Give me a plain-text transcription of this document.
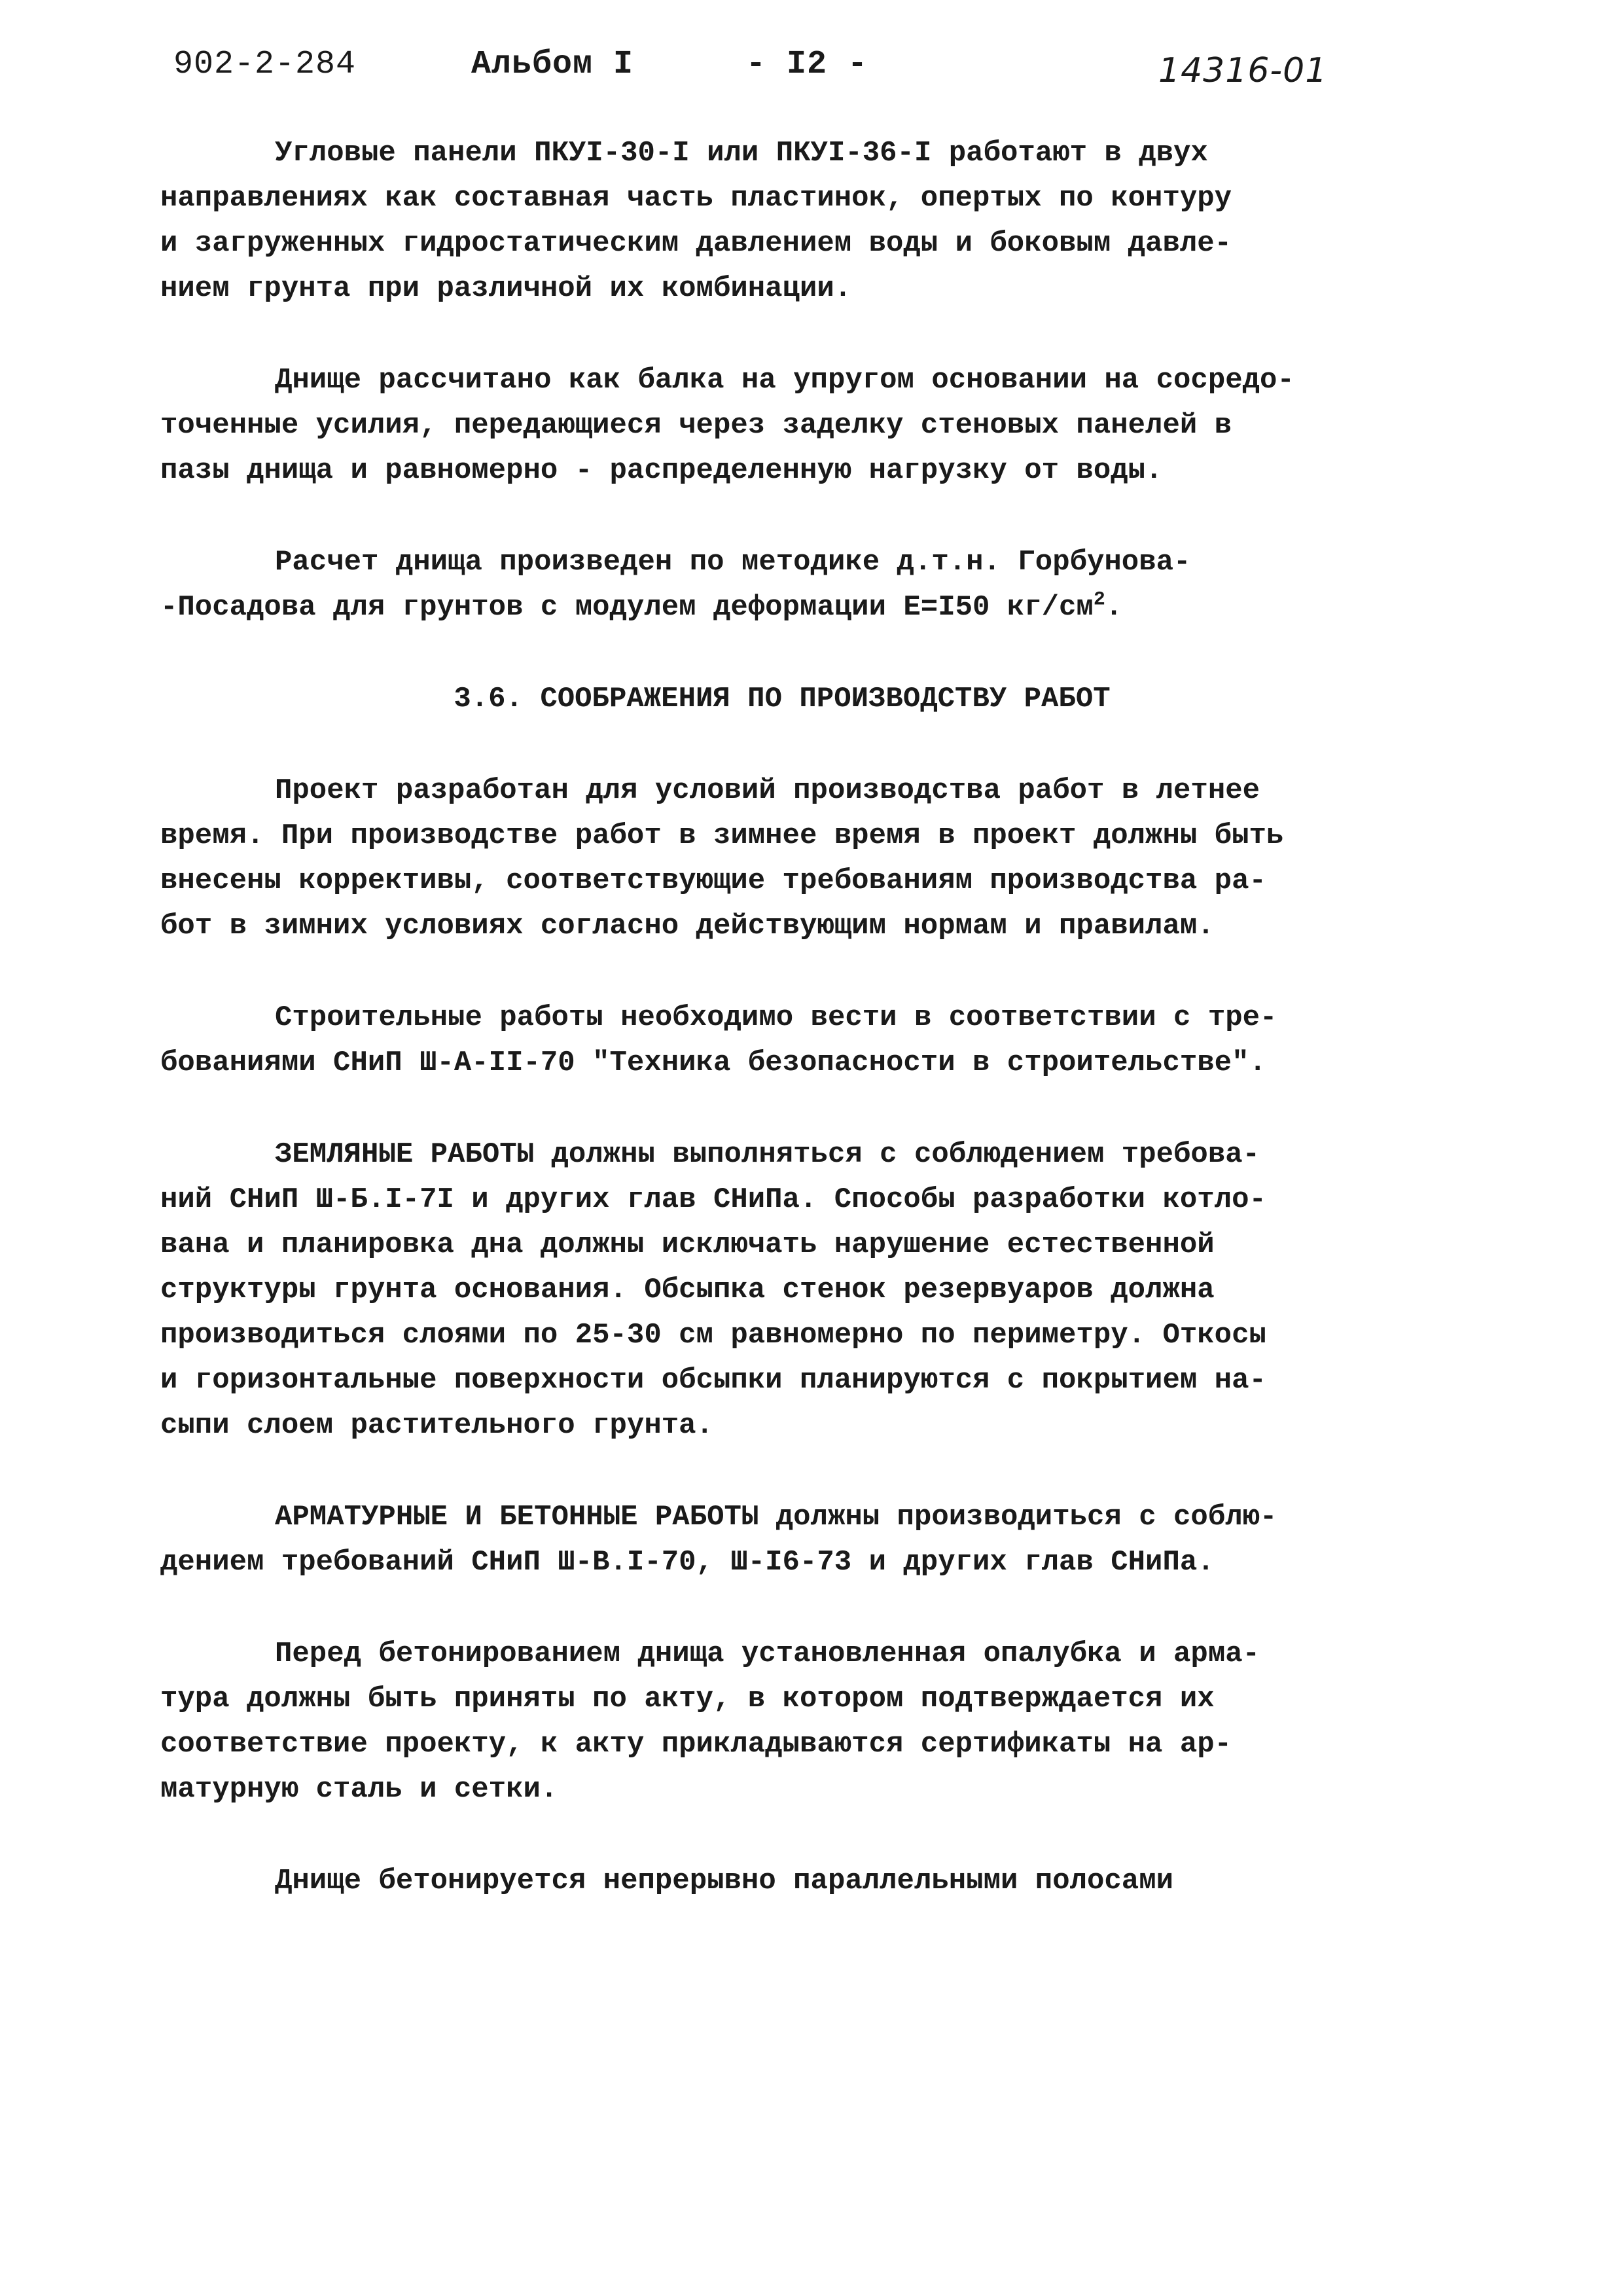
902-2-284	Альбом I	- I2 -	14316-01

Угловые панели ПКУI-30-I или ПКУI-36-I работают в двух
направлениях как составная часть пластинок, опертых по контуру
и загруженных гидростатическим давлением воды и боковым давле-
нием грунта при различной их комбинации.

Днище рассчитано как балка на упругом основании на сосредо-
точенные усилия, передающиеся через заделку стеновых панелей в
пазы днища и равномерно - распределенную нагрузку от воды.

Расчет днища произведен по методике д.т.н. Горбунова-
-Посадова для грунтов с модулем деформации Е=I50 $кг/см^2$.

3.6. СООБРАЖЕНИЯ ПО ПРОИЗВОДСТВУ РАБОТ

Проект разработан для условий производства работ в летнее
время. При производстве работ в зимнее время в проект должны быть
внесены коррективы, соответствующие требованиям производства ра-
бот в зимних условиях согласно действующим нормам и правилам.

Строительные работы необходимо вести в соответствии с тре-
бованиями СНиП Ш-А-II-70 "Техника безопасности в строительстве".

ЗЕМЛЯНЫЕ РАБОТЫ должны выполняться с соблюдением требова-
ний СНиП Ш-Б.I-7I и других глав СНиПа. Способы разработки котло-
вана и планировка дна должны исключать нарушение естественной
структуры грунта основания. Обсыпка стенок резервуаров должна
производиться слоями по 25-30 см равномерно по периметру. Откосы
и горизонтальные поверхности обсыпки планируются с покрытием на-
сыпи слоем растительного грунта.

АРМАТУРНЫЕ И БЕТОННЫЕ РАБОТЫ должны производиться с соблю-
дением требований СНиП Ш-В.I-70, Ш-I6-73 и других глав СНиПа.

Перед бетонированием днища установленная опалубка и арма-
тура должны быть приняты по акту, в котором подтверждается их
соответствие проекту, к акту прикладываются сертификаты на ар-
матурную сталь и сетки.

Днище бетонируется непрерывно параллельными полосами
